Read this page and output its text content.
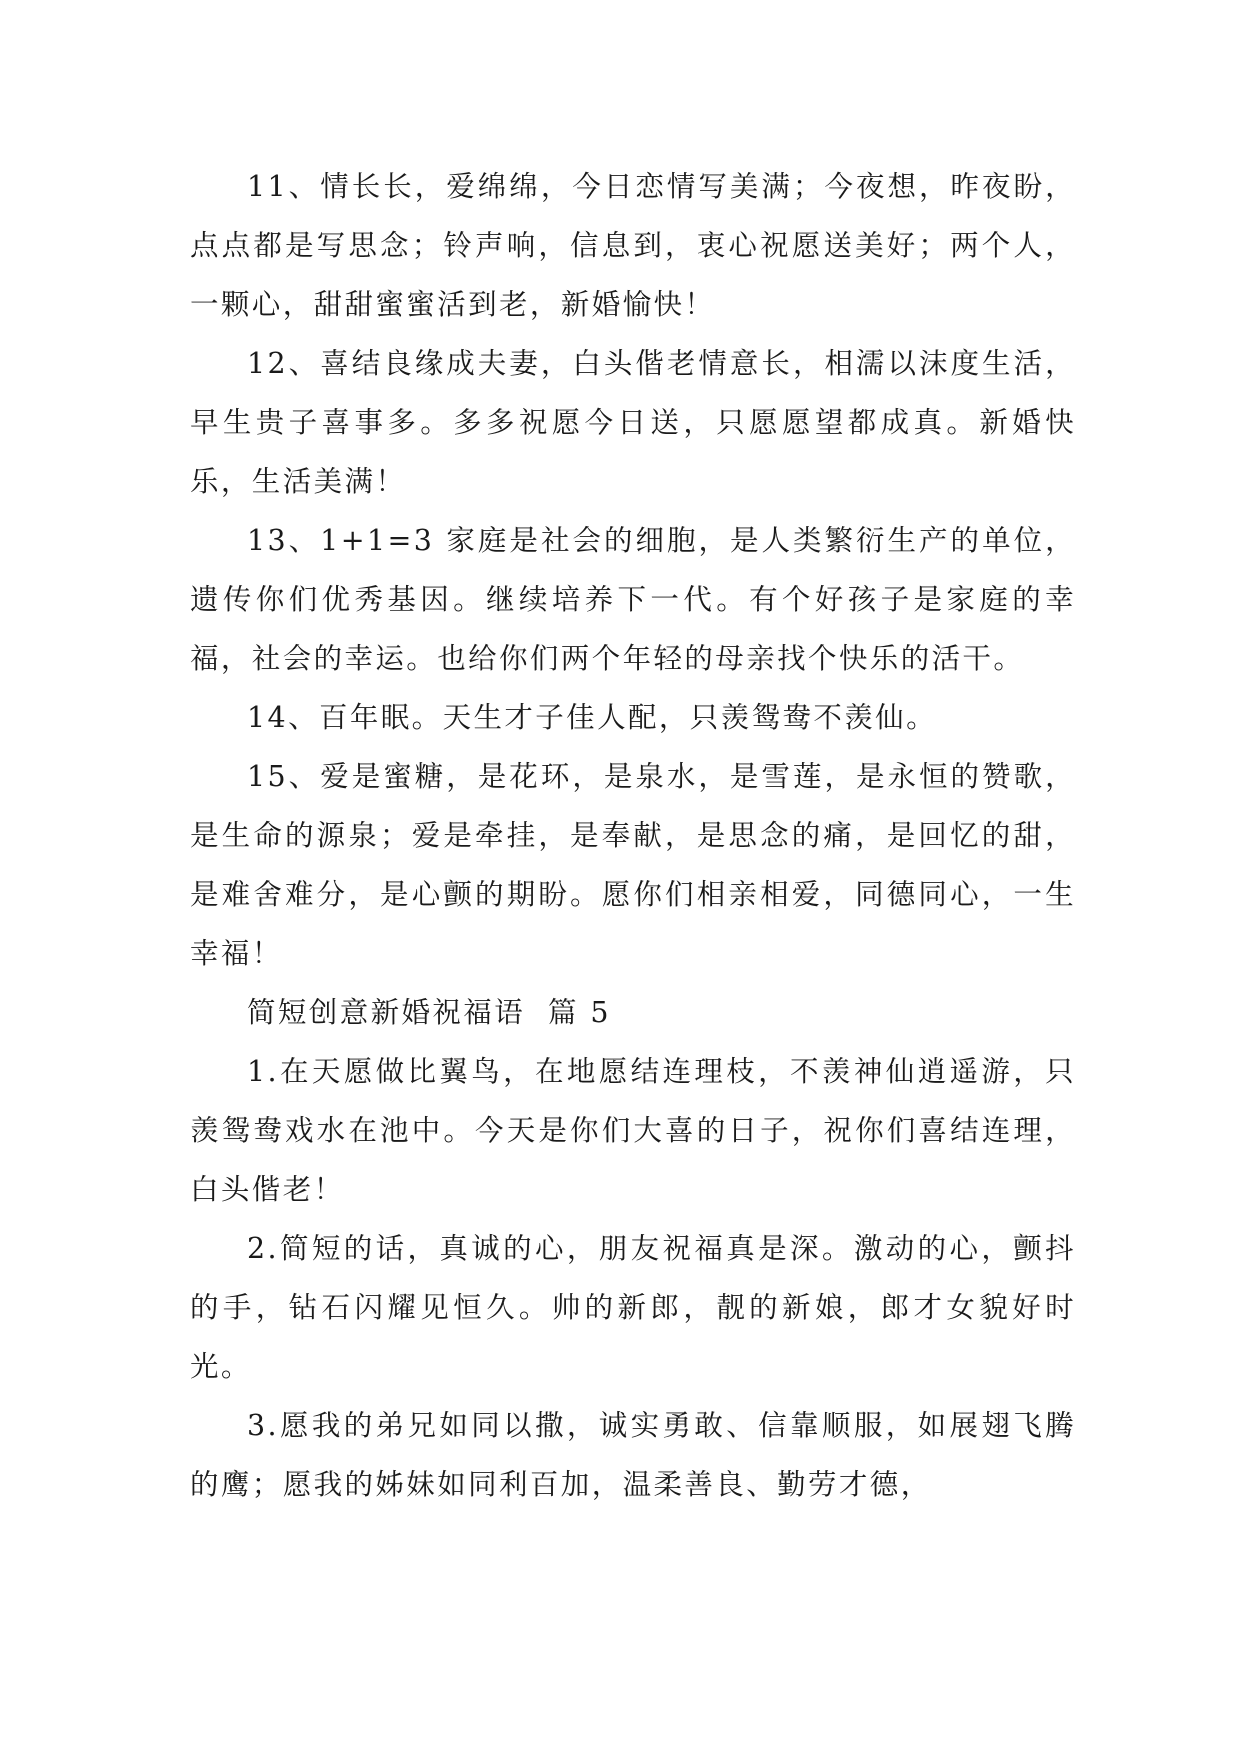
11、情长长，爱绵绵，今日恋情写美满；今夜想，昨夜盼，点点都是写思念；铃声响，信息到，衷心祝愿送美好；两个人，一颗心，甜甜蜜蜜活到老，新婚愉快！

12、喜结良缘成夫妻，白头偕老情意长，相濡以沫度生活，早生贵子喜事多。多多祝愿今日送，只愿愿望都成真。新婚快乐，生活美满！

13、1+1=3 家庭是社会的细胞，是人类繁衍生产的单位，遗传你们优秀基因。继续培养下一代。有个好孩子是家庭的幸福，社会的幸运。也给你们两个年轻的母亲找个快乐的活干。

14、百年眠。天生才子佳人配，只羡鸳鸯不羡仙。

15、爱是蜜糖，是花环，是泉水，是雪莲，是永恒的赞歌，是生命的源泉；爱是牵挂，是奉献，是思念的痛，是回忆的甜，是难舍难分，是心颤的期盼。愿你们相亲相爱，同德同心，一生幸福！

简短创意新婚祝福语  篇 5

1.在天愿做比翼鸟，在地愿结连理枝，不羡神仙逍遥游，只羡鸳鸯戏水在池中。今天是你们大喜的日子，祝你们喜结连理，白头偕老！

2.简短的话，真诚的心，朋友祝福真是深。激动的心，颤抖的手，钻石闪耀见恒久。帅的新郎，靓的新娘，郎才女貌好时光。

3.愿我的弟兄如同以撒，诚实勇敢、信靠顺服，如展翅飞腾的鹰；愿我的姊妹如同利百加，温柔善良、勤劳才德，
